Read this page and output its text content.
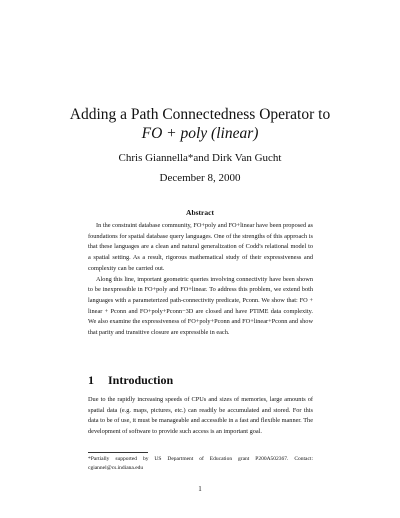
Adding a Path Connectedness Operator to
FO + poly (linear)
Chris Giannella*and Dirk Van Gucht
December 8, 2000
Abstract

In the constraint database community, FO+poly and FO+linear have been proposed as foundations for spatial database query languages. One of the strengths of this approach is that these languages are a clean and natural generalization of Codd's relational model to a spatial setting. As a result, rigorous mathematical study of their expressiveness and complexity can be carried out.

Along this line, important geometric queries involving connectivity have been shown to be inexpressible in FO+poly and FO+linear. To address this problem, we extend both languages with a parameterized path-connectivity predicate, Pconn. We show that: FO + linear + Pconn and FO+poly+Pconn−3D are closed and have PTIME data complexity. We also examine the expressiveness of FO+poly+Pconn and FO+linear+Pconn and show that parity and transitive closure are expressible in each.

1 Introduction

Due to the rapidly increasing speeds of CPUs and sizes of memories, large amounts of spatial data (e.g. maps, pictures, etc.) can readily be accumulated and stored. For this data to be of use, it must be manageable and accessible in a fast and flexible manner. The development of software to provide such access is an important goal.

*Partially supported by US Department of Education grant P200A502367. Contact: cgiannel@cs.indiana.edu
1
